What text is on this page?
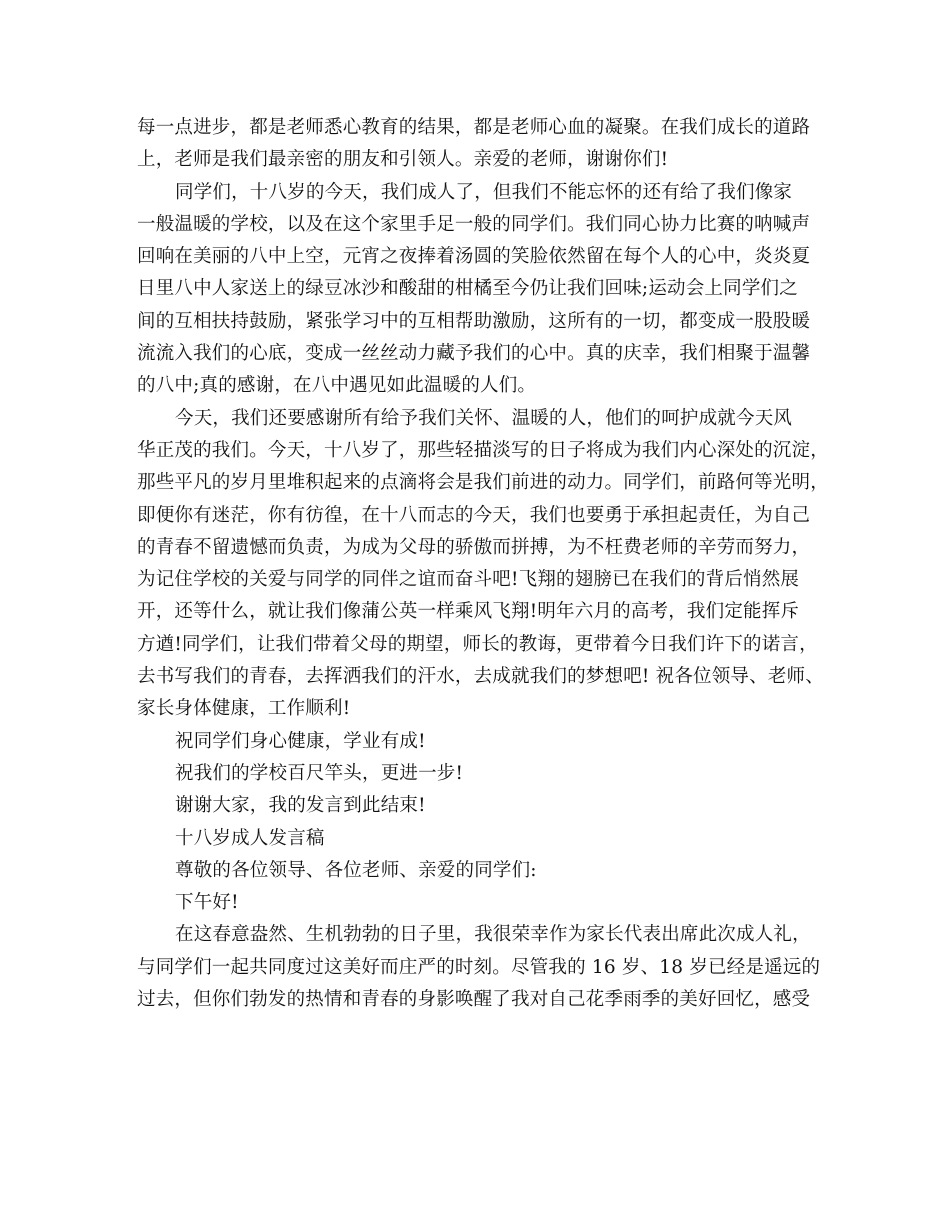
每一点进步，都是老师悉心教育的结果，都是老师心血的凝聚。在我们成长的道路
上，老师是我们最亲密的朋友和引领人。亲爱的老师，谢谢你们!
同学们，十八岁的今天，我们成人了，但我们不能忘怀的还有给了我们像家
一般温暖的学校，以及在这个家里手足一般的同学们。我们同心协力比赛的呐喊声
回响在美丽的八中上空，元宵之夜捧着汤圆的笑脸依然留在每个人的心中，炎炎夏
日里八中人家送上的绿豆冰沙和酸甜的柑橘至今仍让我们回味;运动会上同学们之
间的互相扶持鼓励，紧张学习中的互相帮助激励，这所有的一切，都变成一股股暖
流流入我们的心底，变成一丝丝动力藏予我们的心中。真的庆幸，我们相聚于温馨
的八中;真的感谢，在八中遇见如此温暖的人们。
今天，我们还要感谢所有给予我们关怀、温暖的人，他们的呵护成就今天风
华正茂的我们。今天，十八岁了，那些轻描淡写的日子将成为我们内心深处的沉淀，
那些平凡的岁月里堆积起来的点滴将会是我们前进的动力。同学们，前路何等光明，
即便你有迷茫，你有彷徨，在十八而志的今天，我们也要勇于承担起责任，为自己
的青春不留遗憾而负责，为成为父母的骄傲而拼搏，为不枉费老师的辛劳而努力，
为记住学校的关爱与同学的同伴之谊而奋斗吧!飞翔的翅膀已在我们的背后悄然展
开，还等什么，就让我们像蒲公英一样乘风飞翔!明年六月的高考，我们定能挥斥
方遒!同学们，让我们带着父母的期望，师长的教诲，更带着今日我们许下的诺言，
去书写我们的青春，去挥洒我们的汗水，去成就我们的梦想吧! 祝各位领导、老师、
家长身体健康，工作顺利!
祝同学们身心健康，学业有成!
祝我们的学校百尺竿头，更进一步!
谢谢大家，我的发言到此结束!
十八岁成人发言稿
尊敬的各位领导、各位老师、亲爱的同学们:
下午好!
在这春意盎然、生机勃勃的日子里，我很荣幸作为家长代表出席此次成人礼，
与同学们一起共同度过这美好而庄严的时刻。尽管我的 16 岁、18 岁已经是遥远的
过去，但你们勃发的热情和青春的身影唤醒了我对自己花季雨季的美好回忆，感受
